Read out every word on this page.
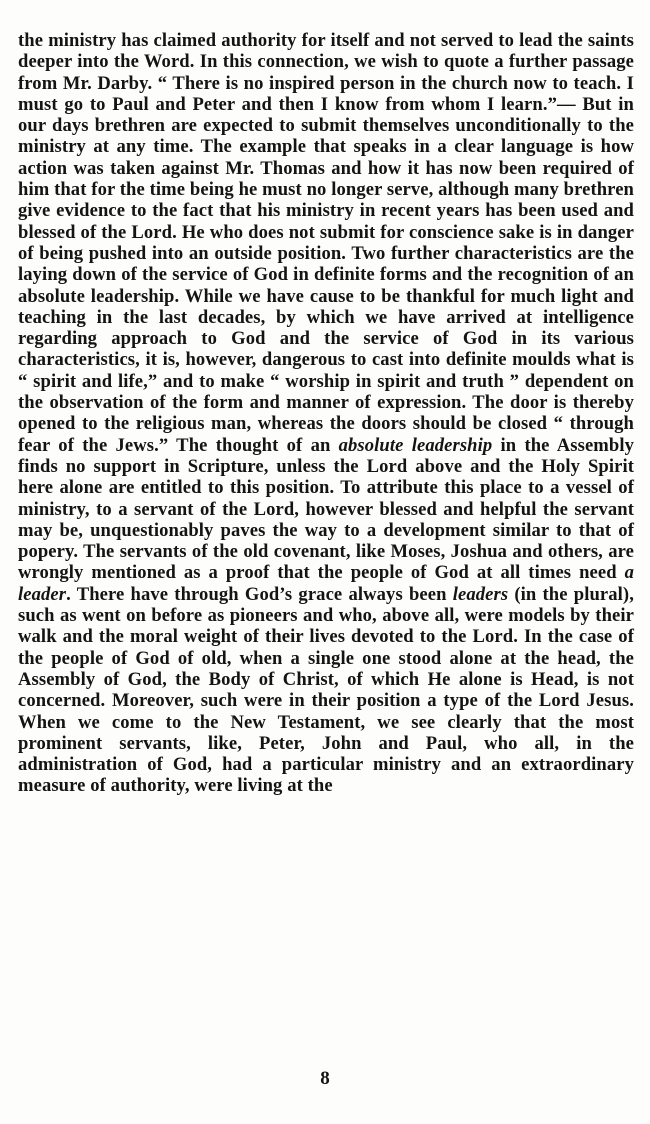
the ministry has claimed authority for itself and not served to lead the saints deeper into the Word. In this connection, we wish to quote a further passage from Mr. Darby. “ There is no inspired person in the church now to teach. I must go to Paul and Peter and then I know from whom I learn.”— But in our days brethren are expected to submit themselves unconditionally to the ministry at any time. The example that speaks in a clear language is how action was taken against Mr. Thomas and how it has now been required of him that for the time being he must no longer serve, although many brethren give evidence to the fact that his ministry in recent years has been used and blessed of the Lord. He who does not submit for conscience sake is in danger of being pushed into an outside position. Two further characteristics are the laying down of the service of God in definite forms and the recognition of an absolute leadership. While we have cause to be thankful for much light and teaching in the last decades, by which we have arrived at intelligence regarding approach to God and the service of God in its various characteristics, it is, however, dangerous to cast into definite moulds what is “ spirit and life,” and to make “ worship in spirit and truth ” dependent on the observation of the form and manner of expression. The door is thereby opened to the religious man, whereas the doors should be closed “ through fear of the Jews.” The thought of an absolute leadership in the Assembly finds no support in Scripture, unless the Lord above and the Holy Spirit here alone are entitled to this position. To attribute this place to a vessel of ministry, to a servant of the Lord, however blessed and helpful the servant may be, unquestionably paves the way to a development similar to that of popery. The servants of the old covenant, like Moses, Joshua and others, are wrongly mentioned as a proof that the people of God at all times need a leader. There have through God’s grace always been leaders (in the plural), such as went on before as pioneers and who, above all, were models by their walk and the moral weight of their lives devoted to the Lord. In the case of the people of God of old, when a single one stood alone at the head, the Assembly of God, the Body of Christ, of which He alone is Head, is not concerned. Moreover, such were in their position a type of the Lord Jesus. When we come to the New Testament, we see clearly that the most prominent servants, like, Peter, John and Paul, who all, in the administration of God, had a particular ministry and an extraordinary measure of authority, were living at the

8
